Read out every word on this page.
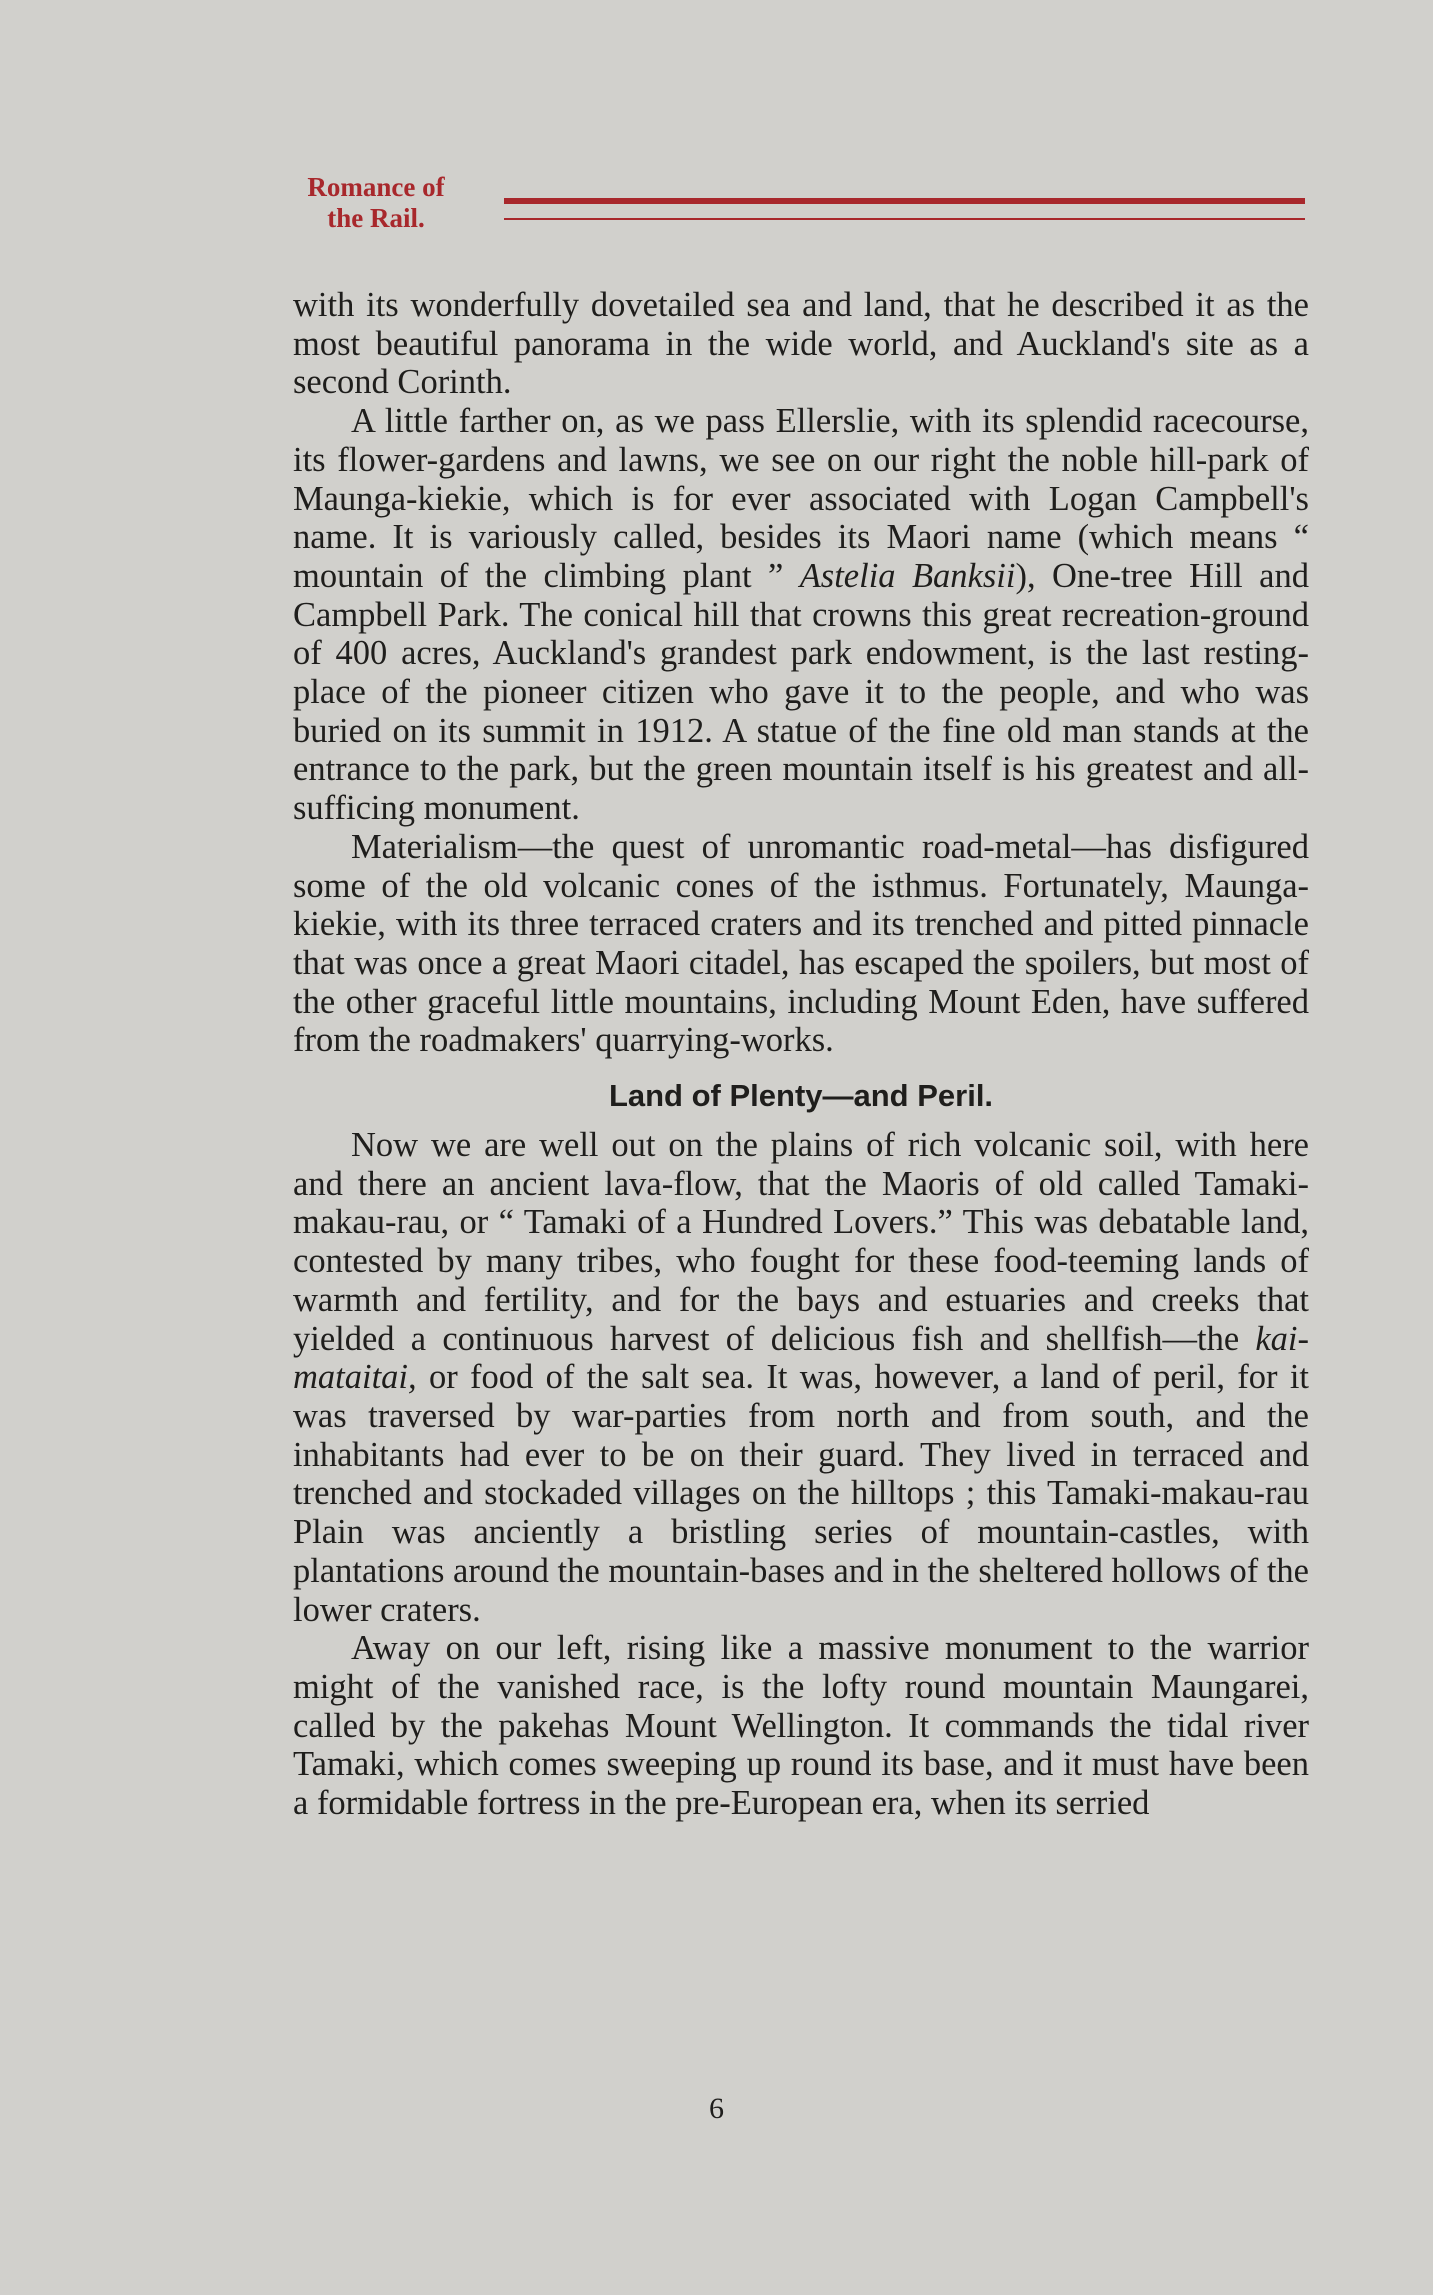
Romance of
the Rail.

with its wonderfully dovetailed sea and land, that he described it as the most beautiful panorama in the wide world, and Auckland's site as a second Corinth.

A little farther on, as we pass Ellerslie, with its splendid racecourse, its flower-gardens and lawns, we see on our right the noble hill-park of Maunga-kiekie, which is for ever associated with Logan Campbell's name. It is variously called, besides its Maori name (which means “ mountain of the climbing plant ” Astelia Banksii), One-tree Hill and Campbell Park. The conical hill that crowns this great recreation-ground of 400 acres, Auckland's grandest park endowment, is the last resting-place of the pioneer citizen who gave it to the people, and who was buried on its summit in 1912. A statue of the fine old man stands at the entrance to the park, but the green mountain itself is his greatest and all-sufficing monument.

Materialism—the quest of unromantic road-metal—has disfigured some of the old volcanic cones of the isthmus. Fortunately, Maunga-kiekie, with its three terraced craters and its trenched and pitted pinnacle that was once a great Maori citadel, has escaped the spoilers, but most of the other graceful little mountains, including Mount Eden, have suffered from the roadmakers' quarrying-works.

Land of Plenty—and Peril.

Now we are well out on the plains of rich volcanic soil, with here and there an ancient lava-flow, that the Maoris of old called Tamaki-makau-rau, or “ Tamaki of a Hundred Lovers.” This was debatable land, contested by many tribes, who fought for these food-teeming lands of warmth and fertility, and for the bays and estuaries and creeks that yielded a continuous harvest of delicious fish and shellfish—the kai-mataitai, or food of the salt sea. It was, however, a land of peril, for it was traversed by war-parties from north and from south, and the inhabitants had ever to be on their guard. They lived in terraced and trenched and stockaded villages on the hilltops ; this Tamaki-makau-rau Plain was anciently a bristling series of mountain-castles, with plantations around the mountain-bases and in the sheltered hollows of the lower craters.

Away on our left, rising like a massive monument to the warrior might of the vanished race, is the lofty round mountain Maungarei, called by the pakehas Mount Wellington. It commands the tidal river Tamaki, which comes sweeping up round its base, and it must have been a formidable fortress in the pre-European era, when its serried

6
